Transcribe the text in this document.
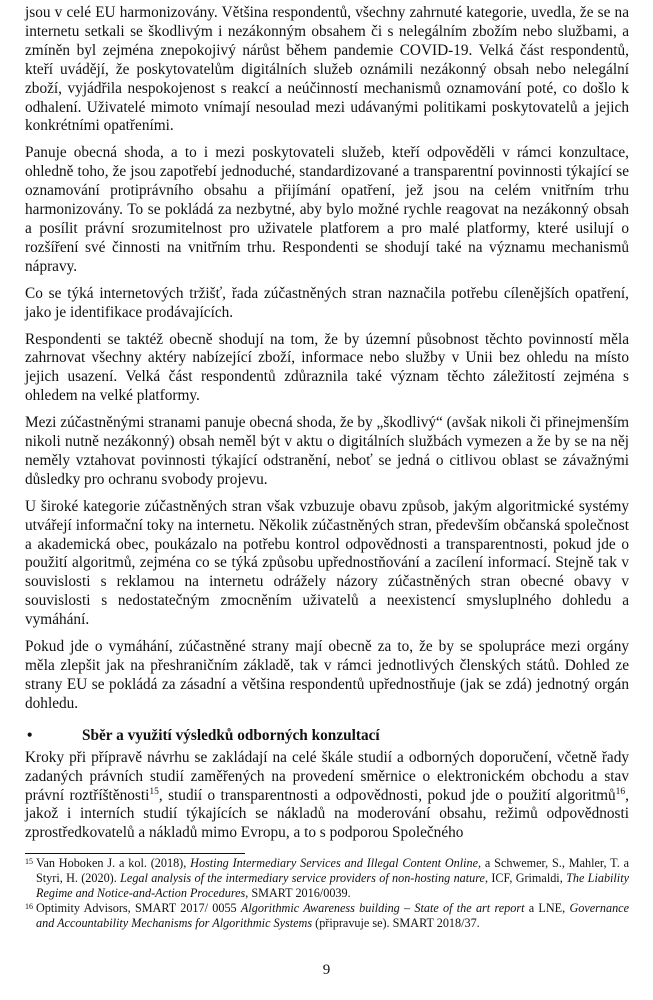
jsou v celé EU harmonizovány. Většina respondentů, všechny zahrnuté kategorie, uvedla, že se na internetu setkali se škodlivým i nezákonným obsahem či s nelegálním zbožím nebo službami, a zmíněn byl zejména znepokojivý nárůst během pandemie COVID-19. Velká část respondentů, kteří uvádějí, že poskytovatelům digitálních služeb oznámili nezákonný obsah nebo nelegální zboží, vyjádřila nespokojenost s reakcí a neúčinností mechanismů oznamování poté, co došlo k odhalení. Uživatelé mimoto vnímají nesoulad mezi udávanými politikami poskytovatelů a jejich konkrétními opatřeními.

Panuje obecná shoda, a to i mezi poskytovateli služeb, kteří odpověděli v rámci konzultace, ohledně toho, že jsou zapotřebí jednoduché, standardizované a transparentní povinnosti týkající se oznamování protiprávního obsahu a přijímání opatření, jež jsou na celém vnitřním trhu harmonizovány. To se pokládá za nezbytné, aby bylo možné rychle reagovat na nezákonný obsah a posílit právní srozumitelnost pro uživatele platforem a pro malé platformy, které usilují o rozšíření své činnosti na vnitřním trhu. Respondenti se shodují také na významu mechanismů nápravy.

Co se týká internetových tržišť, řada zúčastněných stran naznačila potřebu cílenějších opatření, jako je identifikace prodávajících.

Respondenti se taktéž obecně shodují na tom, že by územní působnost těchto povinností měla zahrnovat všechny aktéry nabízející zboží, informace nebo služby v Unii bez ohledu na místo jejich usazení. Velká část respondentů zdůraznila také význam těchto záležitostí zejména s ohledem na velké platformy.

Mezi zúčastněnými stranami panuje obecná shoda, že by „škodlivý“ (avšak nikoli či přinejmenším nikoli nutně nezákonný) obsah neměl být v aktu o digitálních službách vymezen a že by se na něj neměly vztahovat povinnosti týkající odstranění, neboť se jedná o citlivou oblast se závažnými důsledky pro ochranu svobody projevu.

U široké kategorie zúčastněných stran však vzbuzuje obavu způsob, jakým algoritmické systémy utvářejí informační toky na internetu. Několik zúčastněných stran, především občanská společnost a akademická obec, poukázalo na potřebu kontrol odpovědnosti a transparentnosti, pokud jde o použití algoritmů, zejména co se týká způsobu upřednostňování a zacílení informací. Stejně tak v souvislosti s reklamou na internetu odrážely názory zúčastněných stran obecné obavy v souvislosti s nedostatečným zmocněním uživatelů a neexistencí smysluplného dohledu a vymáhání.

Pokud jde o vymáhání, zúčastněné strany mají obecně za to, že by se spolupráce mezi orgány měla zlepšit jak na přeshraničním základě, tak v rámci jednotlivých členských států. Dohled ze strany EU se pokládá za zásadní a většina respondentů upřednostňuje (jak se zdá) jednotný orgán dohledu.

•	Sběr a využití výsledků odborných konzultací

Kroky při přípravě návrhu se zakládají na celé škále studií a odborných doporučení, včetně řady zadaných právních studií zaměřených na provedení směrnice o elektronickém obchodu a stav právní roztříštěnosti$^{15}$, studií o transparentnosti a odpovědnosti, pokud jde o použití algoritmů$^{16}$, jakož i interních studií týkajících se nákladů na moderování obsahu, režimů odpovědnosti zprostředkovatelů a nákladů mimo Evropu, a to s podporou Společného

15 Van Hoboken J. a kol. (2018), Hosting Intermediary Services and Illegal Content Online, a Schwemer, S., Mahler, T. a Styri, H. (2020). Legal analysis of the intermediary service providers of non-hosting nature, ICF, Grimaldi, The Liability Regime and Notice-and-Action Procedures, SMART 2016/0039.

16 Optimity Advisors, SMART 2017/ 0055 Algorithmic Awareness building – State of the art report a LNE, Governance and Accountability Mechanisms for Algorithmic Systems (připravuje se). SMART 2018/37.

9
